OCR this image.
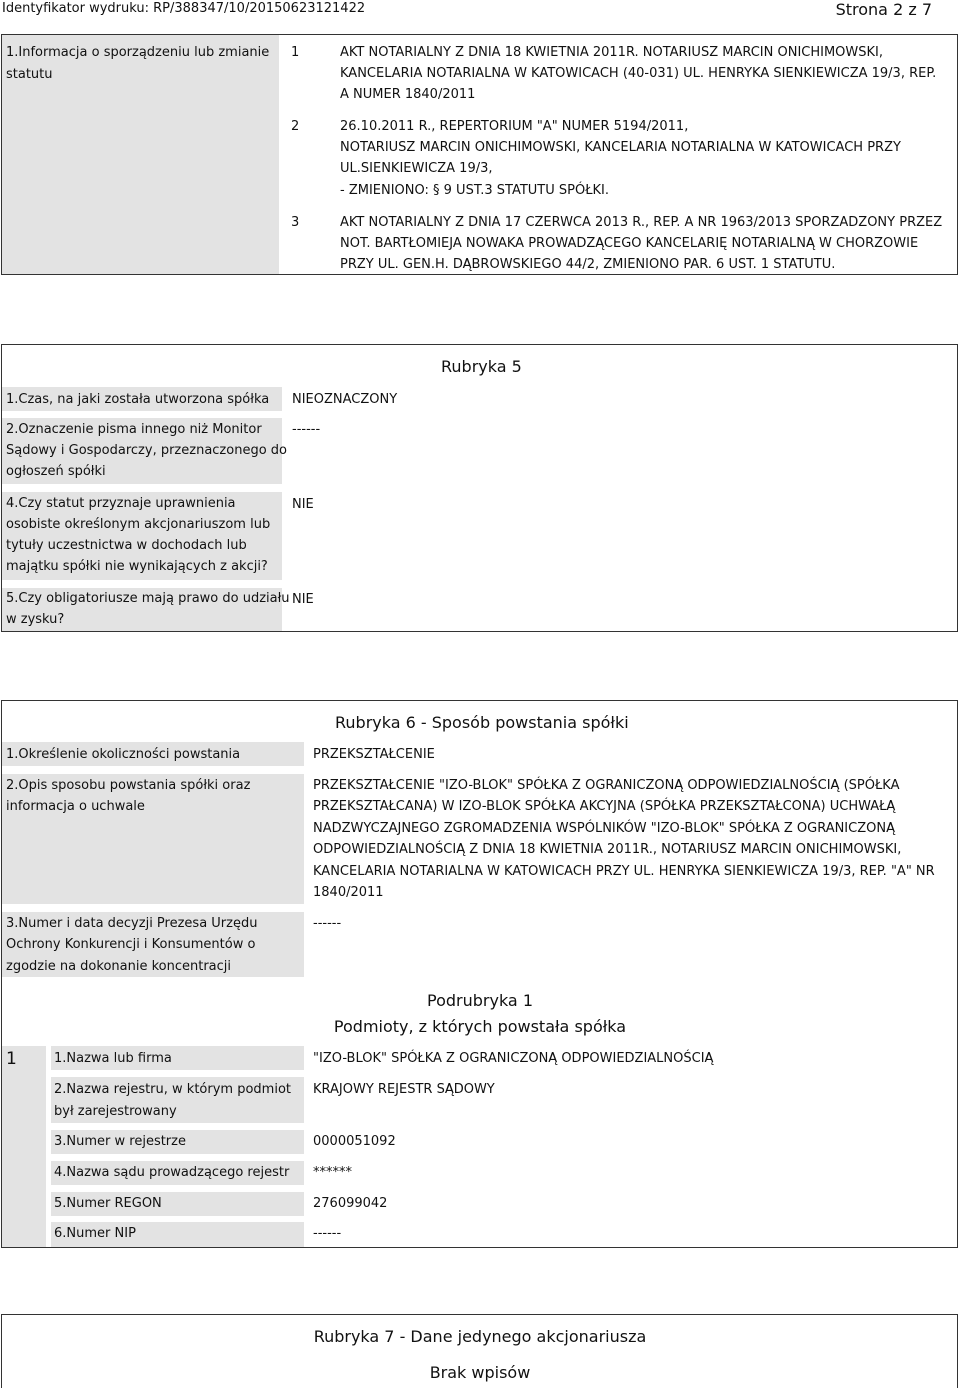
Identyfikator wydruku: RP/388347/10/20150623121422	Strona 2 z 7
1.Informacja o sporządzeniu lub zmianie
statutu
1	AKT NOTARIALNY Z DNIA 18 KWIETNIA 2011R. NOTARIUSZ MARCIN ONICHIMOWSKI,
KANCELARIA NOTARIALNA W KATOWICACH (40-031) UL. HENRYKA SIENKIEWICZA 19/3, REP.
A NUMER 1840/2011
2	26.10.2011 R., REPERTORIUM "A" NUMER 5194/2011,
NOTARIUSZ MARCIN ONICHIMOWSKI, KANCELARIA NOTARIALNA W KATOWICACH PRZY
UL.SIENKIEWICZA 19/3,
- ZMIENIONO: § 9 UST.3 STATUTU SPÓŁKI.
3	AKT NOTARIALNY Z DNIA 17 CZERWCA 2013 R., REP. A NR 1963/2013 SPORZADZONY PRZEZ
NOT. BARTŁOMIEJA NOWAKA PROWADZĄCEGO KANCELARIĘ NOTARIALNĄ W CHORZOWIE
PRZY UL. GEN.H. DĄBROWSKIEGO 44/2, ZMIENIONO PAR. 6 UST. 1 STATUTU.
Rubryka 5
1.Czas, na jaki została utworzona spółka NIEOZNACZONY
2.Oznaczenie pisma innego niż Monitor
Sądowy i Gospodarczy, przeznaczonego do
ogłoszeń spółki
------
4.Czy statut przyznaje uprawnienia
osobiste określonym akcjonariuszom lub
tytuły uczestnictwa w dochodach lub
majątku spółki nie wynikających z akcji?
NIE
5.Czy obligatoriusze mają prawo do udziału
w zysku?
NIE
Rubryka 6 - Sposób powstania spółki
1.Określenie okoliczności powstania	PRZEKSZTAŁCENIE
2.Opis sposobu powstania spółki oraz
informacja o uchwale
PRZEKSZTAŁCENIE "IZO-BLOK" SPÓŁKA Z OGRANICZONĄ ODPOWIEDZIALNOŚCIĄ (SPÓŁKA
PRZEKSZTAŁCANA) W IZO-BLOK SPÓŁKA AKCYJNA (SPÓŁKA PRZEKSZTAŁCONA) UCHWAŁĄ
NADZWYCZAJNEGO ZGROMADZENIA WSPÓLNIKÓW "IZO-BLOK" SPÓŁKA Z OGRANICZONĄ
ODPOWIEDZIALNOŚCIĄ Z DNIA 18 KWIETNIA 2011R., NOTARIUSZ MARCIN ONICHIMOWSKI,
KANCELARIA NOTARIALNA W KATOWICACH PRZY UL. HENRYKA SIENKIEWICZA 19/3, REP. "A" NR
1840/2011
3.Numer i data decyzji Prezesa Urzędu
Ochrony Konkurencji i Konsumentów o
zgodzie na dokonanie koncentracji
------
Podrubryka 1
Podmioty, z których powstała spółka
1	1.Nazwa lub firma	"IZO-BLOK" SPÓŁKA Z OGRANICZONĄ ODPOWIEDZIALNOŚCIĄ
2.Nazwa rejestru, w którym podmiot
był zarejestrowany
KRAJOWY REJESTR SĄDOWY
3.Numer w rejestrze	0000051092
4.Nazwa sądu prowadzącego rejestr ******
5.Numer REGON	276099042
6.Numer NIP	------
Rubryka 7 - Dane jedynego akcjonariusza
Brak wpisów
